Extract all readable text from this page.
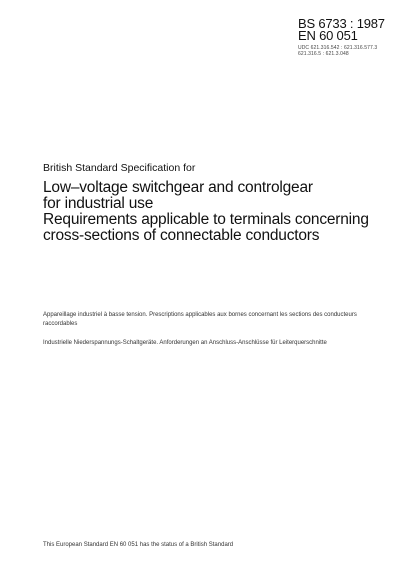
BS 6733 : 1987
EN 60 051
UDC 621.316.542 : 621.316.577.3
621.316.5 : 621.3.048
British Standard Specification for
Low–voltage switchgear and controlgear
for industrial use
Requirements applicable to terminals concerning
cross-sections of connectable conductors
Appareillage industriel à basse tension. Prescriptions applicables aux bornes concernant les sections des conducteurs raccordables
Industrielle Niederspannungs-Schaltgeräte. Anforderungen an Anschluss-Anschlüsse für Leiterquerschnitte
This European Standard EN 60 051 has the status of a British Standard
